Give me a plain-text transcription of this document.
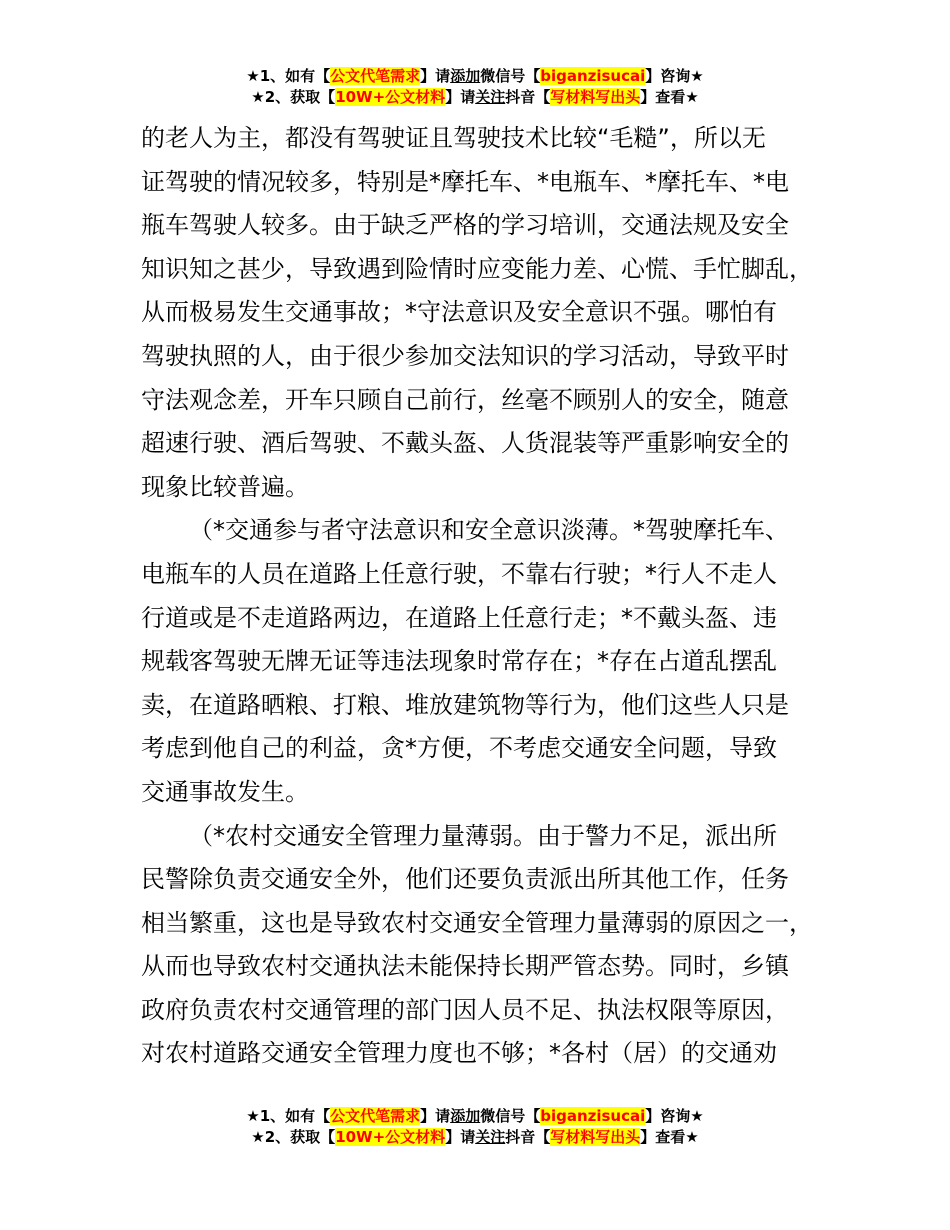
★1、如有【公文代笔需求】请添加微信号【biganzisucai】咨询★
★2、获取【10W+公文材料】请关注抖音【写材料写出头】查看★
的老人为主，都没有驾驶证且驾驶技术比较“毛糙”，所以无
证驾驶的情况较多，特别是*摩托车、*电瓶车、*摩托车、*电
瓶车驾驶人较多。由于缺乏严格的学习培训，交通法规及安全
知识知之甚少，导致遇到险情时应变能力差、心慌、手忙脚乱，
从而极易发生交通事故；*守法意识及安全意识不强。哪怕有
驾驶执照的人，由于很少参加交法知识的学习活动，导致平时
守法观念差，开车只顾自己前行，丝毫不顾别人的安全，随意
超速行驶、酒后驾驶、不戴头盔、人货混装等严重影响安全的
现象比较普遍。
（*交通参与者守法意识和安全意识淡薄。*驾驶摩托车、
电瓶车的人员在道路上任意行驶，不靠右行驶；*行人不走人
行道或是不走道路两边，在道路上任意行走；*不戴头盔、违
规载客驾驶无牌无证等违法现象时常存在；*存在占道乱摆乱
卖，在道路晒粮、打粮、堆放建筑物等行为，他们这些人只是
考虑到他自己的利益，贪*方便，不考虑交通安全问题，导致
交通事故发生。
（*农村交通安全管理力量薄弱。由于警力不足，派出所
民警除负责交通安全外，他们还要负责派出所其他工作，任务
相当繁重，这也是导致农村交通安全管理力量薄弱的原因之一，
从而也导致农村交通执法未能保持长期严管态势。同时，乡镇
政府负责农村交通管理的部门因人员不足、执法权限等原因，
对农村道路交通安全管理力度也不够；*各村（居）的交通劝
★1、如有【公文代笔需求】请添加微信号【biganzisucai】咨询★
★2、获取【10W+公文材料】请关注抖音【写材料写出头】查看★
